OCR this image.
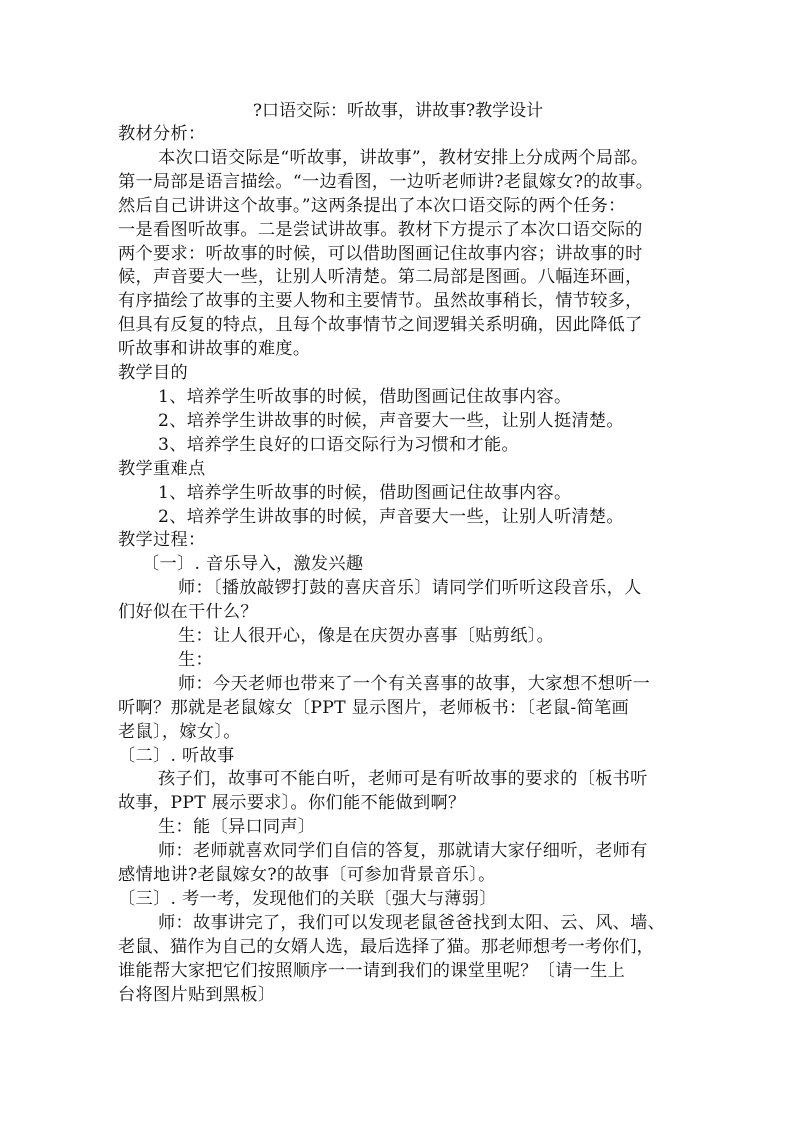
?口语交际：听故事，讲故事?教学设计
教材分析：
本次口语交际是“听故事，讲故事”，教材安排上分成两个局部。
第一局部是语言描绘。“一边看图，一边听老师讲?老鼠嫁女?的故事。
然后自己讲讲这个故事。”这两条提出了本次口语交际的两个任务：
一是看图听故事。二是尝试讲故事。教材下方提示了本次口语交际的
两个要求：听故事的时候，可以借助图画记住故事内容；讲故事的时
候，声音要大一些，让别人听清楚。第二局部是图画。八幅连环画，
有序描绘了故事的主要人物和主要情节。虽然故事稍长，情节较多，
但具有反复的特点，且每个故事情节之间逻辑关系明确，因此降低了
听故事和讲故事的难度。
教学目的
1、培养学生听故事的时候，借助图画记住故事内容。
2、培养学生讲故事的时候，声音要大一些，让别人挺清楚。
3、培养学生良好的口语交际行为习惯和才能。
教学重难点
1、培养学生听故事的时候，借助图画记住故事内容。
2、培养学生讲故事的时候，声音要大一些，让别人听清楚。
教学过程：
〔一〕. 音乐导入，激发兴趣
师：〔播放敲锣打鼓的喜庆音乐〕请同学们听听这段音乐，人
们好似在干什么？
生：让人很开心，像是在庆贺办喜事〔贴剪纸〕。
生：
师：今天老师也带来了一个有关喜事的故事，大家想不想听一
听啊？那就是老鼠嫁女〔PPT 显示图片，老师板书：〔老鼠-简笔画
老鼠〕，嫁女〕。
〔二〕. 听故事
孩子们，故事可不能白听，老师可是有听故事的要求的〔板书听
故事，PPT 展示要求〕。你们能不能做到啊？
生：能〔异口同声〕
师：老师就喜欢同学们自信的答复，那就请大家仔细听，老师有
感情地讲?老鼠嫁女?的故事〔可参加背景音乐〕。
〔三〕. 考一考，发现他们的关联〔强大与薄弱〕
师：故事讲完了，我们可以发现老鼠爸爸找到太阳、云、风、墙、
老鼠、猫作为自己的女婿人选，最后选择了猫。那老师想考一考你们，
谁能帮大家把它们按照顺序一一请到我们的课堂里呢？〔请一生上
台将图片贴到黑板〕
